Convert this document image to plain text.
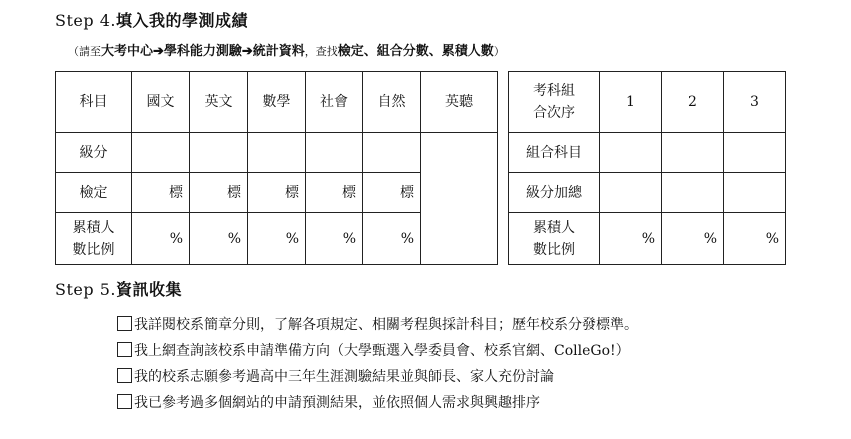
Step 4.填入我的學測成績
（請至大考中心➔學科能力測驗➔統計資料，查找檢定、組合分數、累積人數）
科目	國文	英文	數學	社會	自然	英聽
級分						
檢定	標	標	標	標	標	

累積人
數比例	%	%	%	%	%	
考科組
合次序	1	2	3
組合科目			
級分加總			

累積人
數比例	%	%	%
Step 5.資訊收集
我詳閱校系簡章分則，了解各項規定、相關考程與採計科目；歷年校系分發標準。
我上網查詢該校系申請準備方向（大學甄選入學委員會、校系官網、ColleGo!）
我的校系志願參考過高中三年生涯測驗結果並與師長、家人充份討論
我已參考過多個網站的申請預測結果，並依照個人需求與興趣排序
